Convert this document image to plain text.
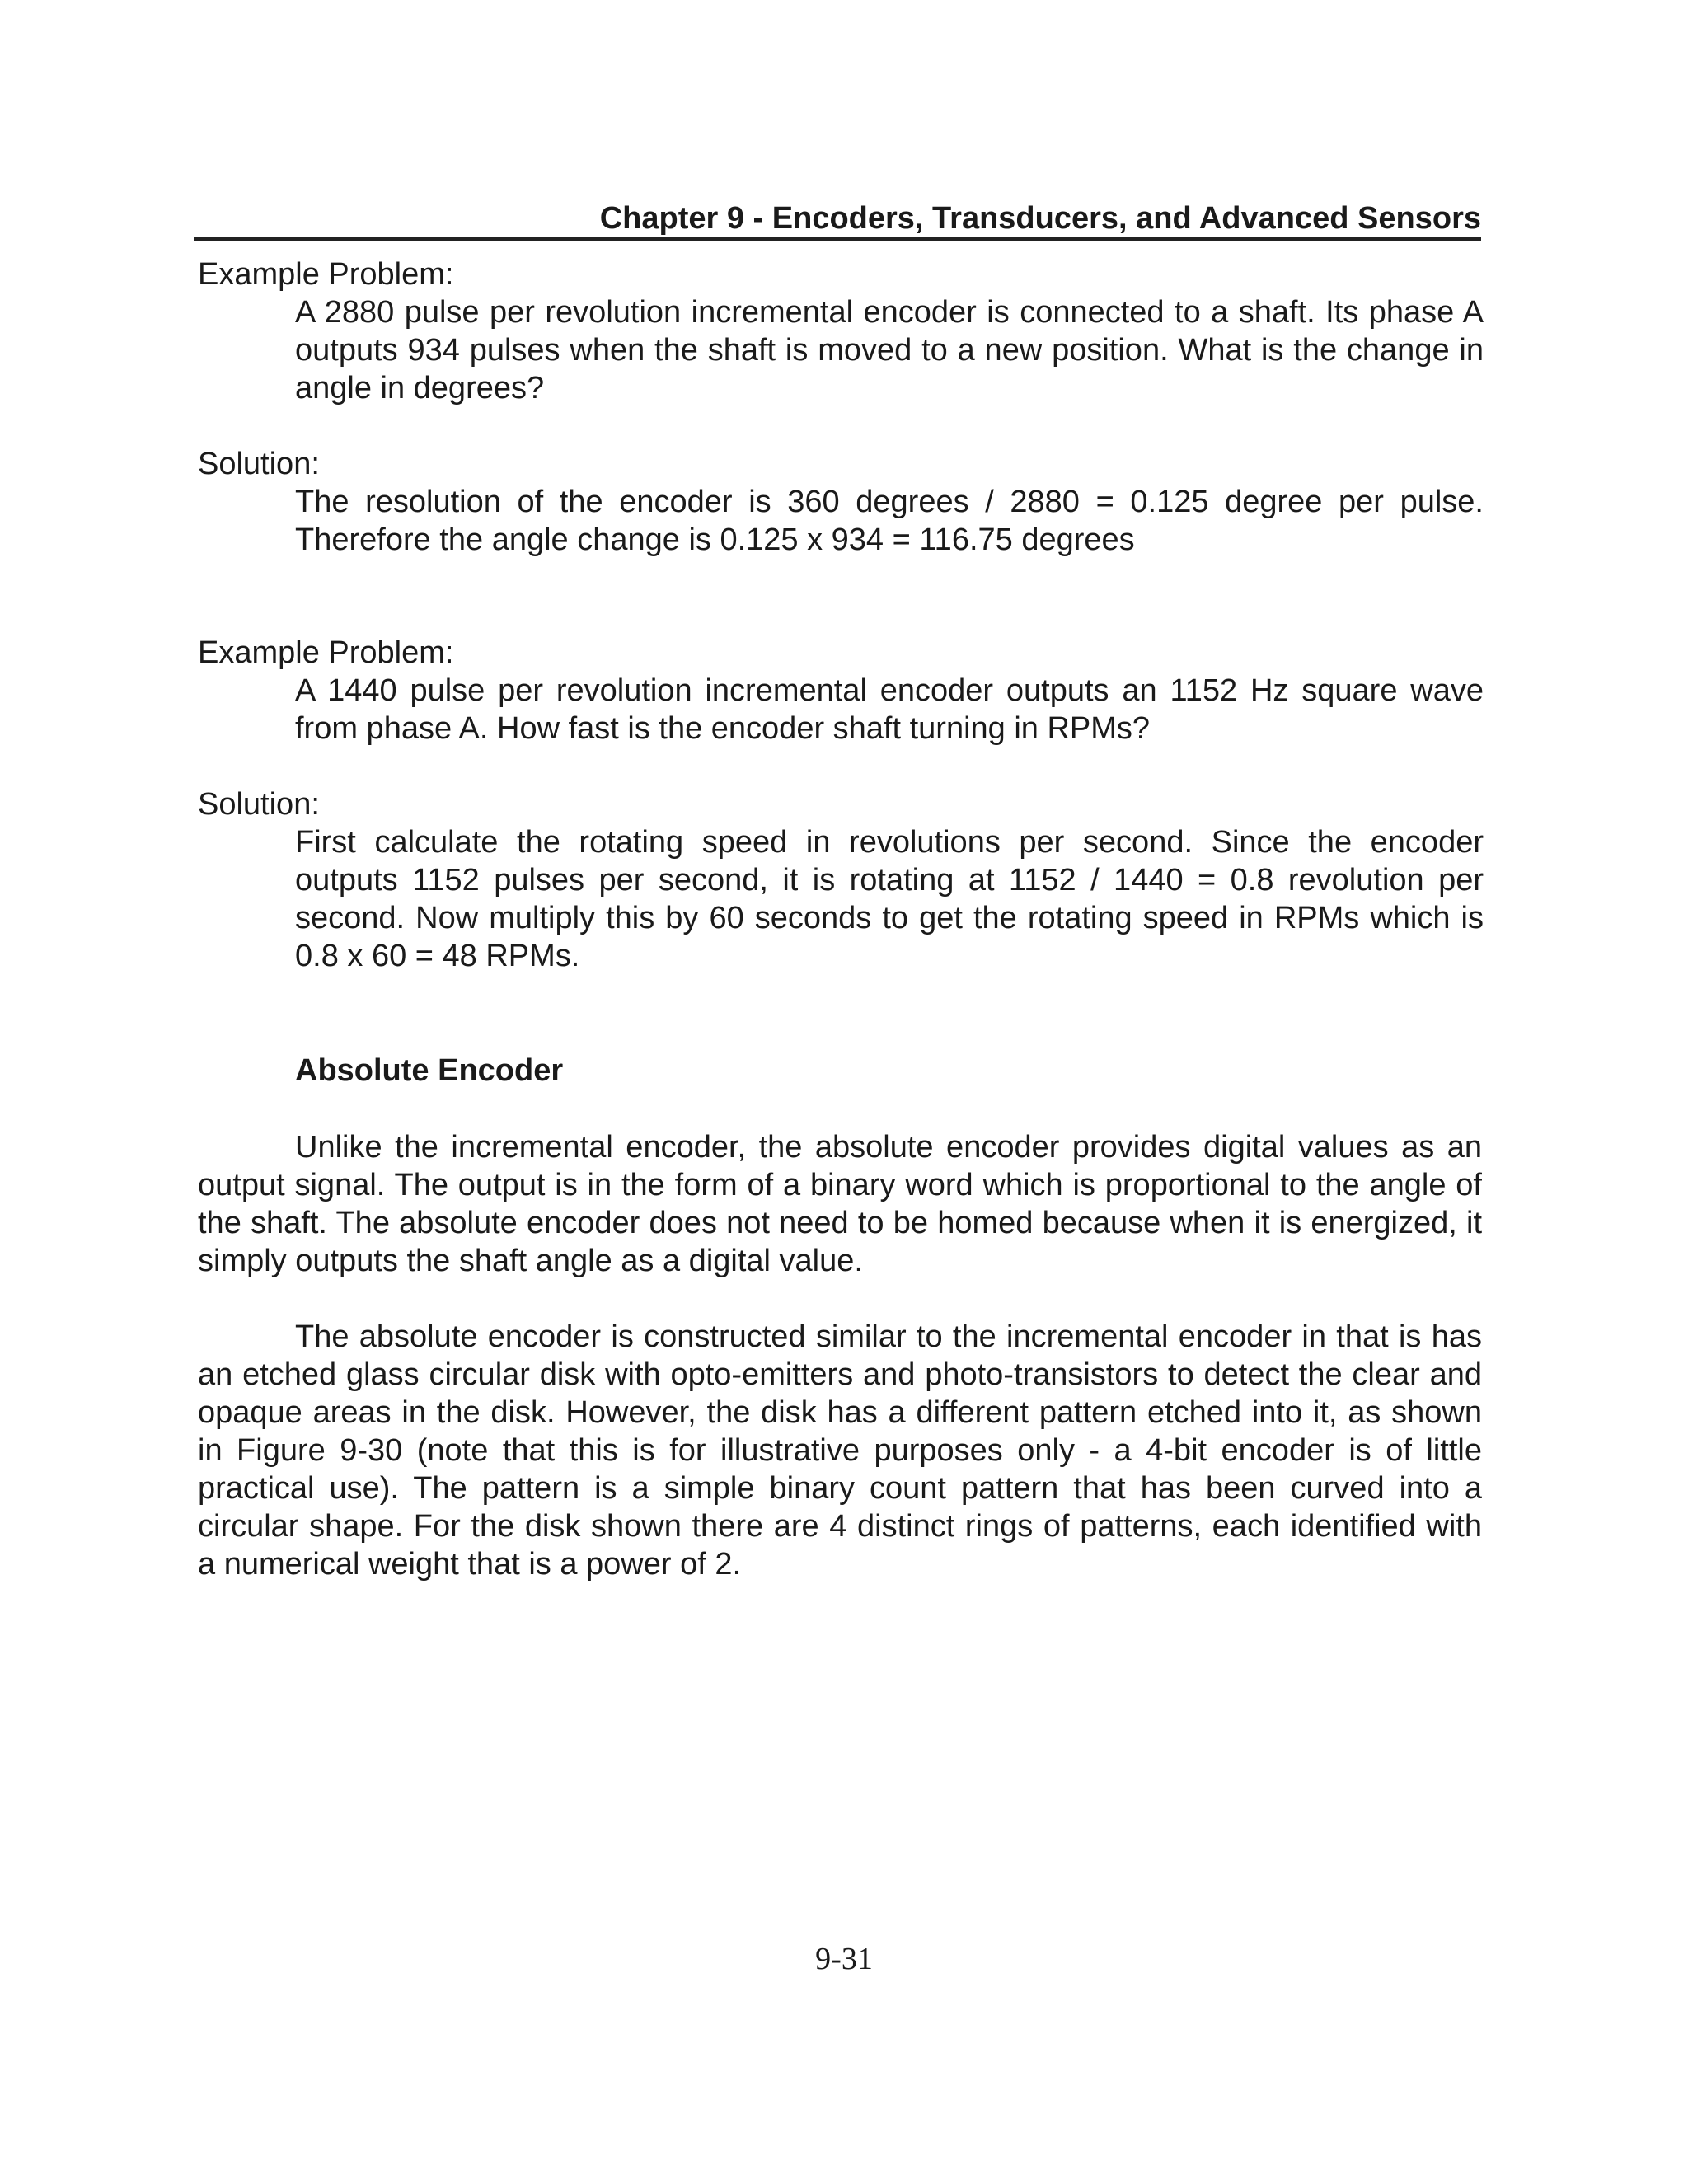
Chapter 9 - Encoders, Transducers, and Advanced Sensors
Example Problem:
A 2880 pulse per revolution incremental encoder is connected to a shaft. Its phase A outputs 934 pulses when the shaft is moved to a new position. What is the change in angle in degrees?
Solution:
The resolution of the encoder is 360 degrees / 2880 = 0.125 degree per pulse. Therefore the angle change is 0.125 x 934 = 116.75 degrees
Example Problem:
A 1440 pulse per revolution incremental encoder outputs an 1152 Hz square wave from phase A. How fast is the encoder shaft turning in RPMs?
Solution:
First calculate the rotating speed in revolutions per second. Since the encoder outputs 1152 pulses per second, it is rotating at 1152 / 1440 = 0.8 revolution per second. Now multiply this by 60 seconds to get the rotating speed in RPMs which is 0.8 x 60 = 48 RPMs.
Absolute Encoder
Unlike the incremental encoder, the absolute encoder provides digital values as an output signal. The output is in the form of a binary word which is proportional to the angle of the shaft. The absolute encoder does not need to be homed because when it is energized, it simply outputs the shaft angle as a digital value.
The absolute encoder is constructed similar to the incremental encoder in that is has an etched glass circular disk with opto-emitters and photo-transistors to detect the clear and opaque areas in the disk. However, the disk has a different pattern etched into it, as shown in Figure 9-30 (note that this is for illustrative purposes only - a 4-bit encoder is of little practical use). The pattern is a simple binary count pattern that has been curved into a circular shape. For the disk shown there are 4 distinct rings of patterns, each identified with a numerical weight that is a power of 2.
9-31
